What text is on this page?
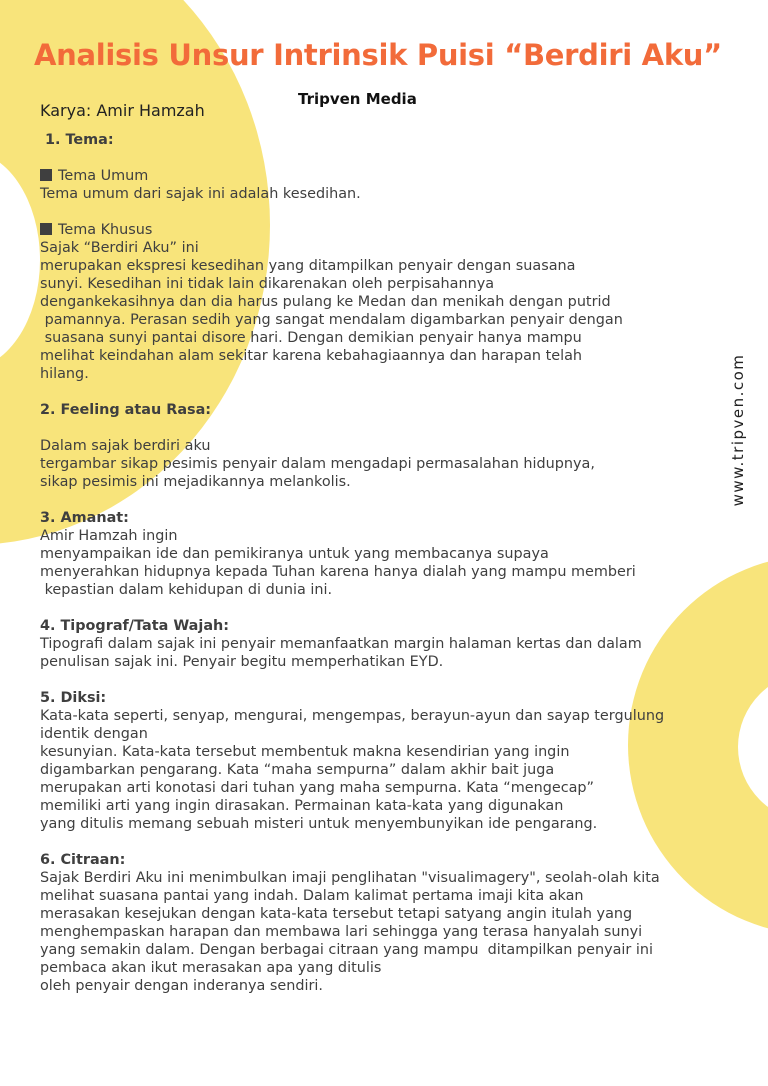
Analisis Unsur Intrinsik Puisi “Berdiri Aku”
Tripven Media
Karya: Amir Hamzah
www.tripven.com
1. Tema:
Tema Umum
Tema umum dari sajak ini adalah kesedihan.
Tema Khusus
Sajak “Berdiri Aku” ini
merupakan ekspresi kesedihan yang ditampilkan penyair dengan suasana
sunyi. Kesedihan ini tidak lain dikarenakan oleh perpisahannya
dengankekasihnya dan dia harus pulang ke Medan dan menikah dengan putrid
pamannya. Perasan sedih yang sangat mendalam digambarkan penyair dengan
suasana sunyi pantai disore hari. Dengan demikian penyair hanya mampu
melihat keindahan alam sekitar karena kebahagiaannya dan harapan telah
hilang.
2. Feeling atau Rasa:
Dalam sajak berdiri aku
tergambar sikap pesimis penyair dalam mengadapi permasalahan hidupnya,
sikap pesimis ini mejadikannya melankolis.
3. Amanat:
Amir Hamzah ingin
menyampaikan ide dan pemikiranya untuk yang membacanya supaya
menyerahkan hidupnya kepada Tuhan karena hanya dialah yang mampu memberi
kepastian dalam kehidupan di dunia ini.
4. Tipograf/Tata Wajah:
Tipografi dalam sajak ini penyair memanfaatkan margin halaman kertas dan dalam
penulisan sajak ini. Penyair begitu memperhatikan EYD.
5. Diksi:
Kata-kata seperti, senyap, mengurai, mengempas, berayun-ayun dan sayap tergulung
identik dengan
kesunyian. Kata-kata tersebut membentuk makna kesendirian yang ingin
digambarkan pengarang. Kata “maha sempurna” dalam akhir bait juga
merupakan arti konotasi dari tuhan yang maha sempurna. Kata “mengecap”
memiliki arti yang ingin dirasakan. Permainan kata-kata yang digunakan
yang ditulis memang sebuah misteri untuk menyembunyikan ide pengarang.
6. Citraan:
Sajak Berdiri Aku ini menimbulkan imaji penglihatan "visualimagery", seolah-olah kita
melihat suasana pantai yang indah. Dalam kalimat pertama imaji kita akan
merasakan kesejukan dengan kata-kata tersebut tetapi satyang angin itulah yang
menghempaskan harapan dan membawa lari sehingga yang terasa hanyalah sunyi
yang semakin dalam. Dengan berbagai citraan yang mampu  ditampilkan penyair ini
pembaca akan ikut merasakan apa yang ditulis
oleh penyair dengan inderanya sendiri.
